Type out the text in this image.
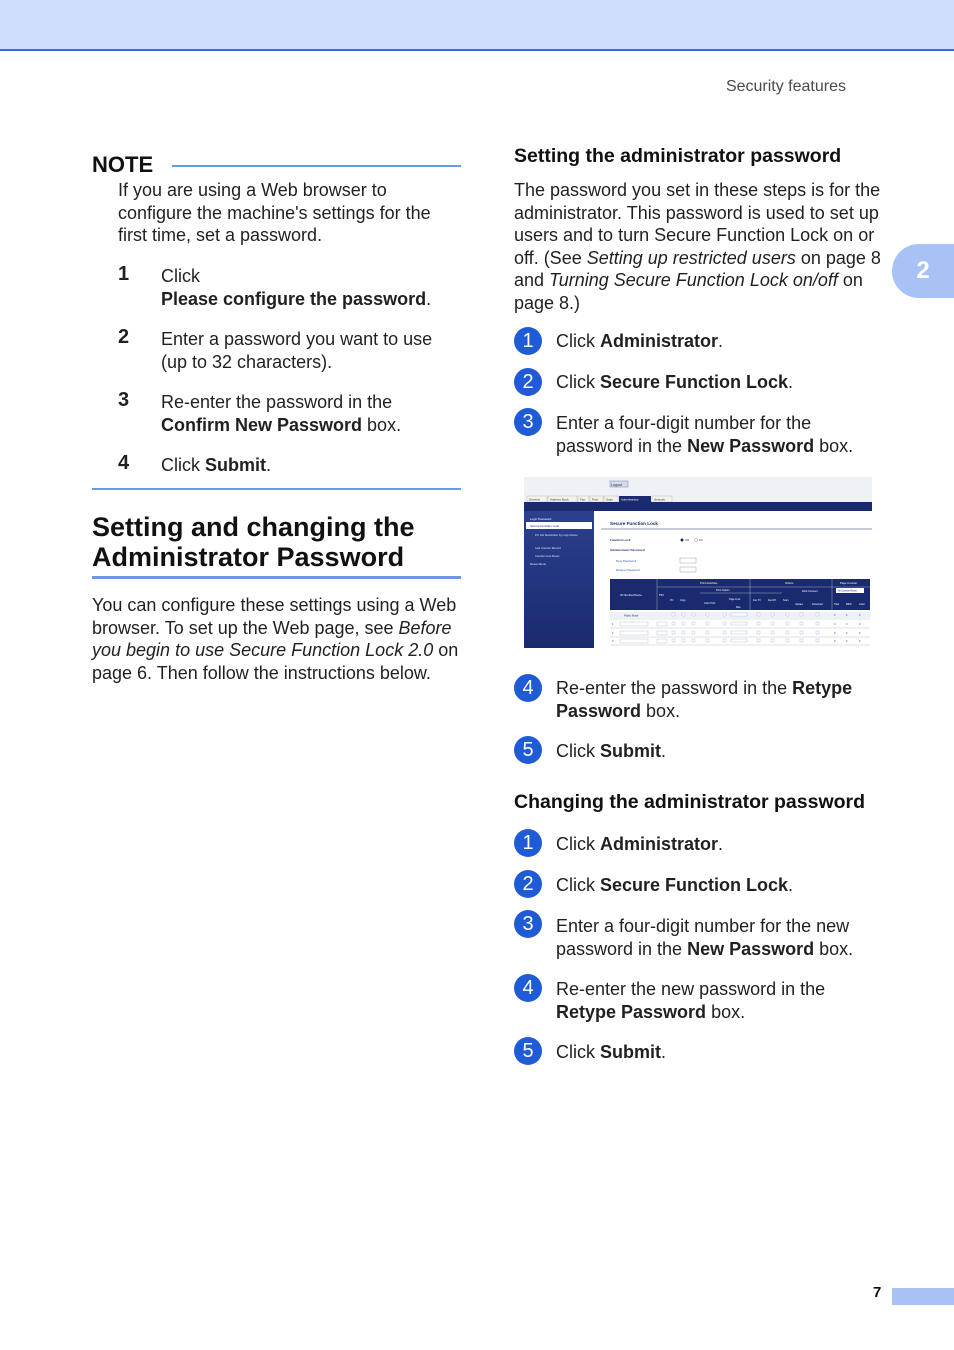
Security features
2
NOTE
If you are using a Web browser to configure the machine's settings for the first time, set a password.
1 Click
Please configure the password.
2 Enter a password you want to use (up to 32 characters).
3 Re-enter the password in the
Confirm New Password box.
4 Click Submit.
Setting and changing the
Administrator Password
You can configure these settings using a Web browser. To set up the Web page, see Before you begin to use Secure Function Lock 2.0 on page 6. Then follow the instructions below.
Setting the administrator password
The password you set in these steps is for the administrator. This password is used to set up users and to turn Secure Function Lock on or off. (See Setting up restricted users on page 8 and Turning Secure Function Lock on/off on page 8.)
1	Click Administrator.
2	Click Secure Function Lock.
3	Enter a four-digit number for the password in the New Password box.
Logout
General	Address Book	Fax Print	Scan	Administrator	Network
Login Password
Secure Function Lock
PC Job Restriction by Login Name
Last Counter Record
Counter Auto Reset
Reset Menu
Secure Function Lock
Function Lock	Off	On
Administrator Password
New Password
Retype Password
ID Number/Name	PIN
Print Activities	Others	Page Counter
Print Option	Web Connect	All Counter Reset
PC	Copy
Color Print
Page Limit
Max
Fax TX	Fax RX	Scan
Upload	Download	Total	B&W	Color
Public Mode
1
2
3
0	0	0
0	0	0
0	0	0
0	0	0
4	Re-enter the password in the Retype Password box.
5	Click Submit.
Changing the administrator password
1	Click Administrator.
2	Click Secure Function Lock.
3	Enter a four-digit number for the new password in the New Password box.
4	Re-enter the new password in the Retype Password box.
5	Click Submit.
7
